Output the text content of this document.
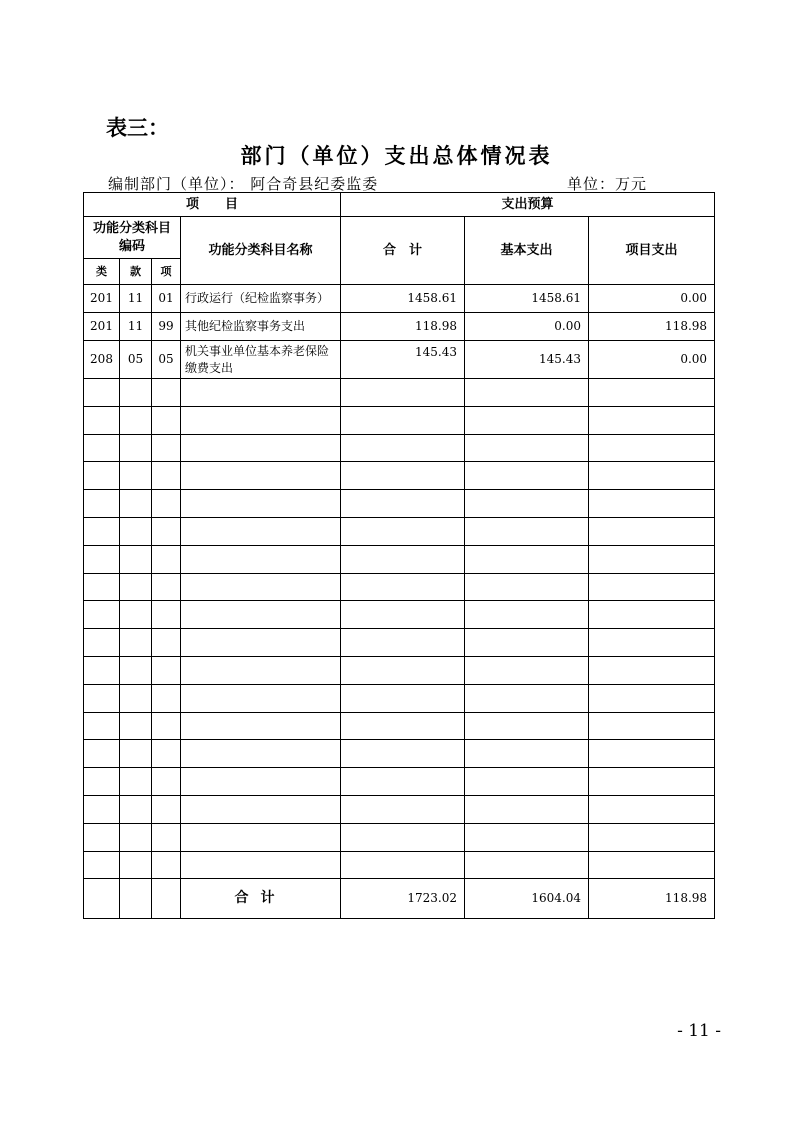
表三：
部门（单位）支出总体情况表
编制部门（单位）： 阿合奇县纪委监委	单位：万元
项　　目				支出预算		
功能分类科目编码			功能分类科目名称	合　计	基本支出	项目支出
类	款	项				
201	11	01	行政运行（纪检监察事务）	1458.61	1458.61	0.00
201	11	99	其他纪检监察事务支出	118.98	0.00	118.98
208	05	05	机关事业单位基本养老保险缴费支出	145.43	145.43	0.00

			合计	1723.02	1604.04	118.98
- 11 -
